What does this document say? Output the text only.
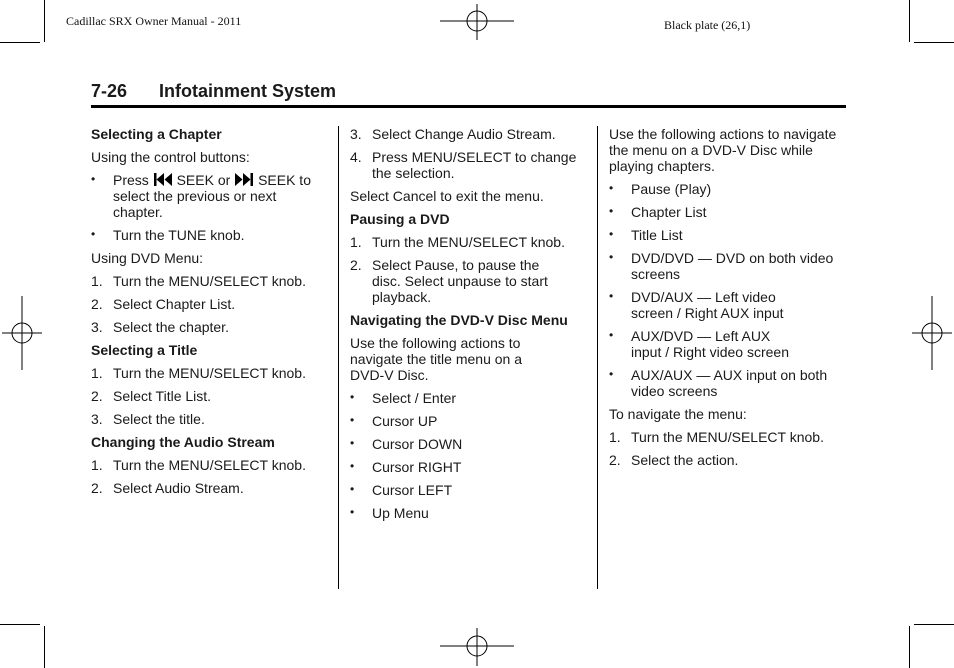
Cadillac SRX Owner Manual - 2011	Black plate (26,1)
7-26 Infotainment System
Selecting a Chapter

Using the control buttons:

• Press SEEK or SEEK to
select the previous or next chapter.
• Turn the TUNE knob.

Using DVD Menu:

1. Turn the MENU/SELECT knob.
2. Select Chapter List.
3. Select the chapter.
Selecting a Title
1. Turn the MENU/SELECT knob.
2. Select Title List.
3. Select the title.
Changing the Audio Stream
1. Turn the MENU/SELECT knob.
2. Select Audio Stream.
3. Select Change Audio Stream.
4. Press MENU/SELECT to change the selection.

Select Cancel to exit the menu.

Pausing a DVD
1. Turn the MENU/SELECT knob.
2. Select Pause, to pause the disc. Select unpause to start playback.
Navigating the DVD-V Disc Menu

Use the following actions to navigate the title menu on a DVD-V Disc.

• Select / Enter
• Cursor UP
• Cursor DOWN
• Cursor RIGHT
• Cursor LEFT
• Up Menu

Use the following actions to navigate the menu on a DVD-V Disc while playing chapters.

• Pause (Play)
• Chapter List
• Title List
• DVD/DVD — DVD on both video screens
• DVD/AUX — Left video screen / Right AUX input
• AUX/DVD — Left AUX input / Right video screen
• AUX/AUX — AUX input on both video screens

To navigate the menu:

1. Turn the MENU/SELECT knob.
2. Select the action.
